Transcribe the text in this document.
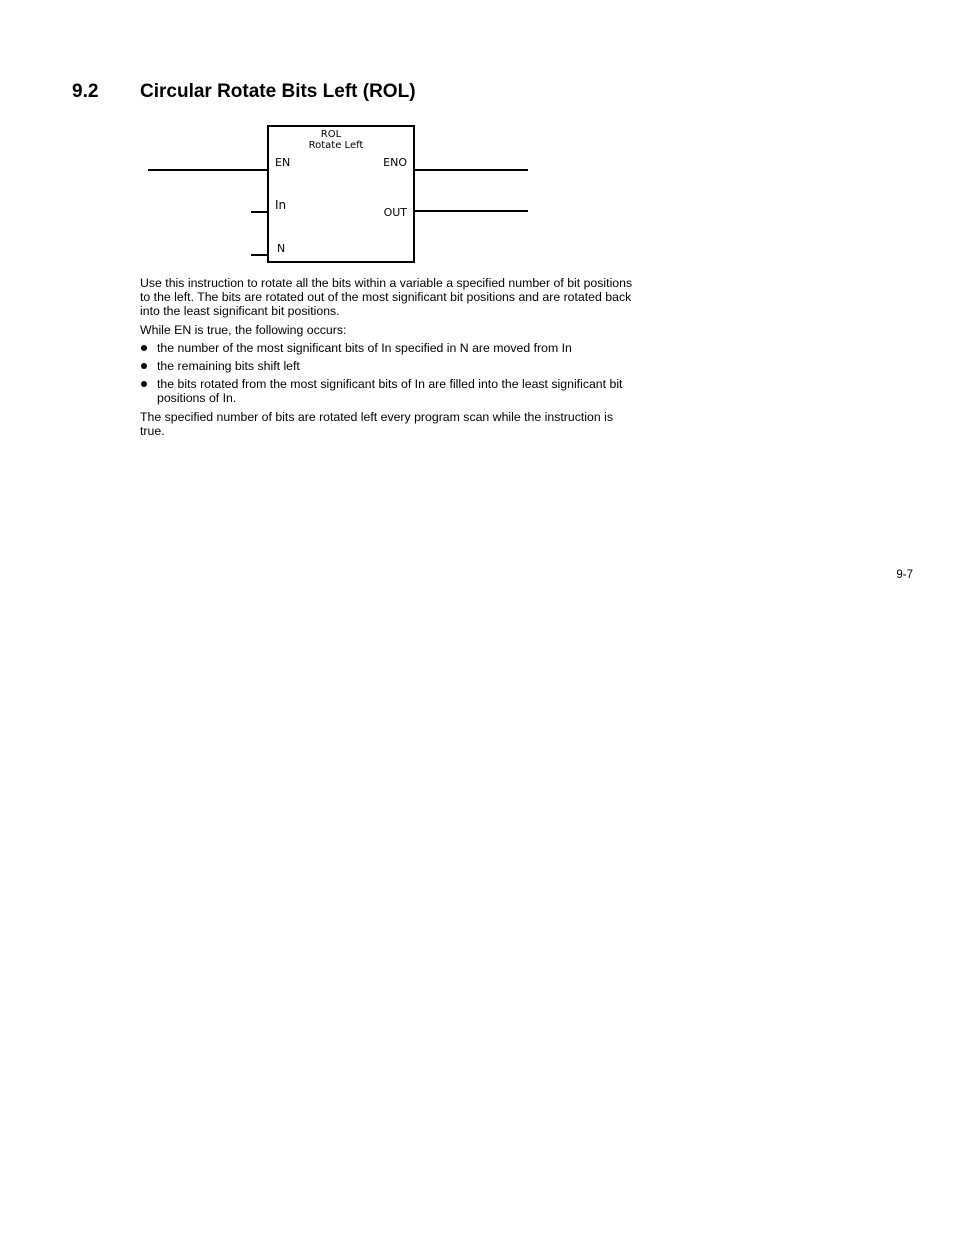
9.2 Circular Rotate Bits Left (ROL)
ROL
Rotate Left
EN
In
N
ENO
OUT

Use this instruction to rotate all the bits within a variable a specified number of bit positions to the left. The bits are rotated out of the most significant bit positions and are rotated back into the least significant bit positions.

While EN is true, the following occurs:

the number of the most significant bits of In specified in N are moved from In
the remaining bits shift left
the bits rotated from the most significant bits of In are filled into the least significant bit positions of In.

The specified number of bits are rotated left every program scan while the instruction is true.

9-7
